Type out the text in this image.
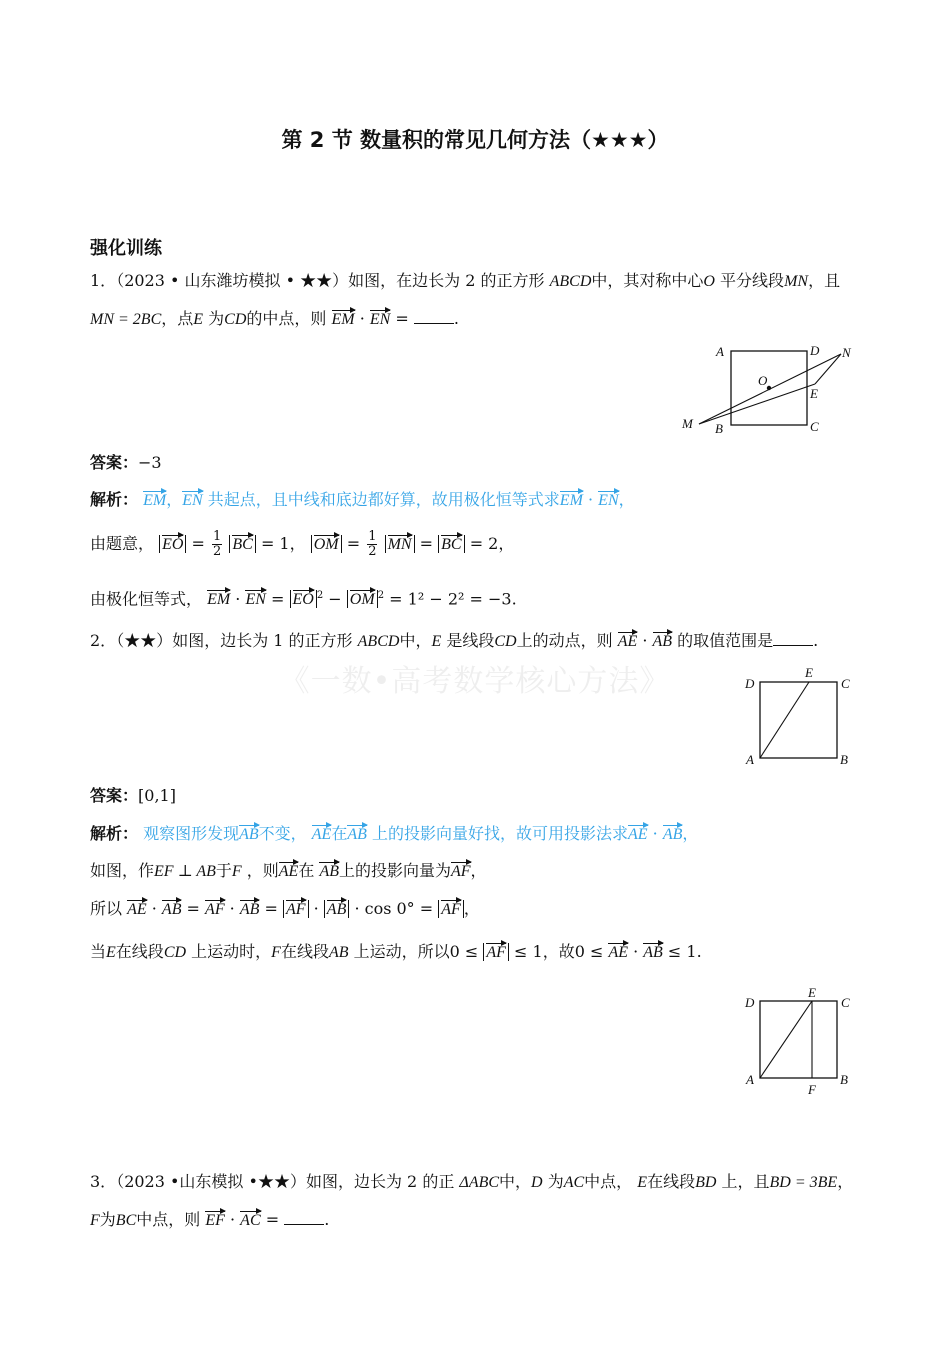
第 2 节 数量积的常见几何方法（★★★）
《一数•高考数学核心方法》
强化训练
1．（2023 • 山东潍坊模拟 • ★★）如图，在边长为 2 的正方形 ABCD中，其对称中心O 平分线段MN，且
MN = 2BC，点E 为CD的中点，则 EM · EN =	.
A	D N
O
E
C
B
M
答案：−3
解析： EM，EN 共起点，且中线和底边都好算，故用极化恒等式求EM · EN，
由题意， EO = $\frac{1}{2}$ BC = 1， OM = $\frac{1}{2}$ MN = BC = 2，
由极化恒等式， EM · EN = EO $^2$ − OM $^2$ = 1² − 2² = −3.
2．（★★）如图，边长为 1 的正方形 ABCD中，E 是线段CD上的动点，则 AE · AB 的取值范围是	.
D
E
C
A	B
答案：[0,1]
解析： 观察图形发现AB不变， AE在AB 上的投影向量好找，故可用投影法求AE · AB，
如图，作EF ⊥ AB于F ，则AE在 AB上的投影向量为AF，
所以 AE · AB = AF · AB = AF · AB · cos 0° = AF ，
当E在线段CD 上运动时，F在线段AB 上运动，所以0 ≤ AF ≤ 1，故0 ≤ AE · AB ≤ 1.
D
E
C
A	B
F
3．（2023 •山东模拟 •★★）如图，边长为 2 的正 ΔABC中，D 为AC中点， E在线段BD 上，且BD = 3BE，
F为BC中点，则 EF · AC =	.
